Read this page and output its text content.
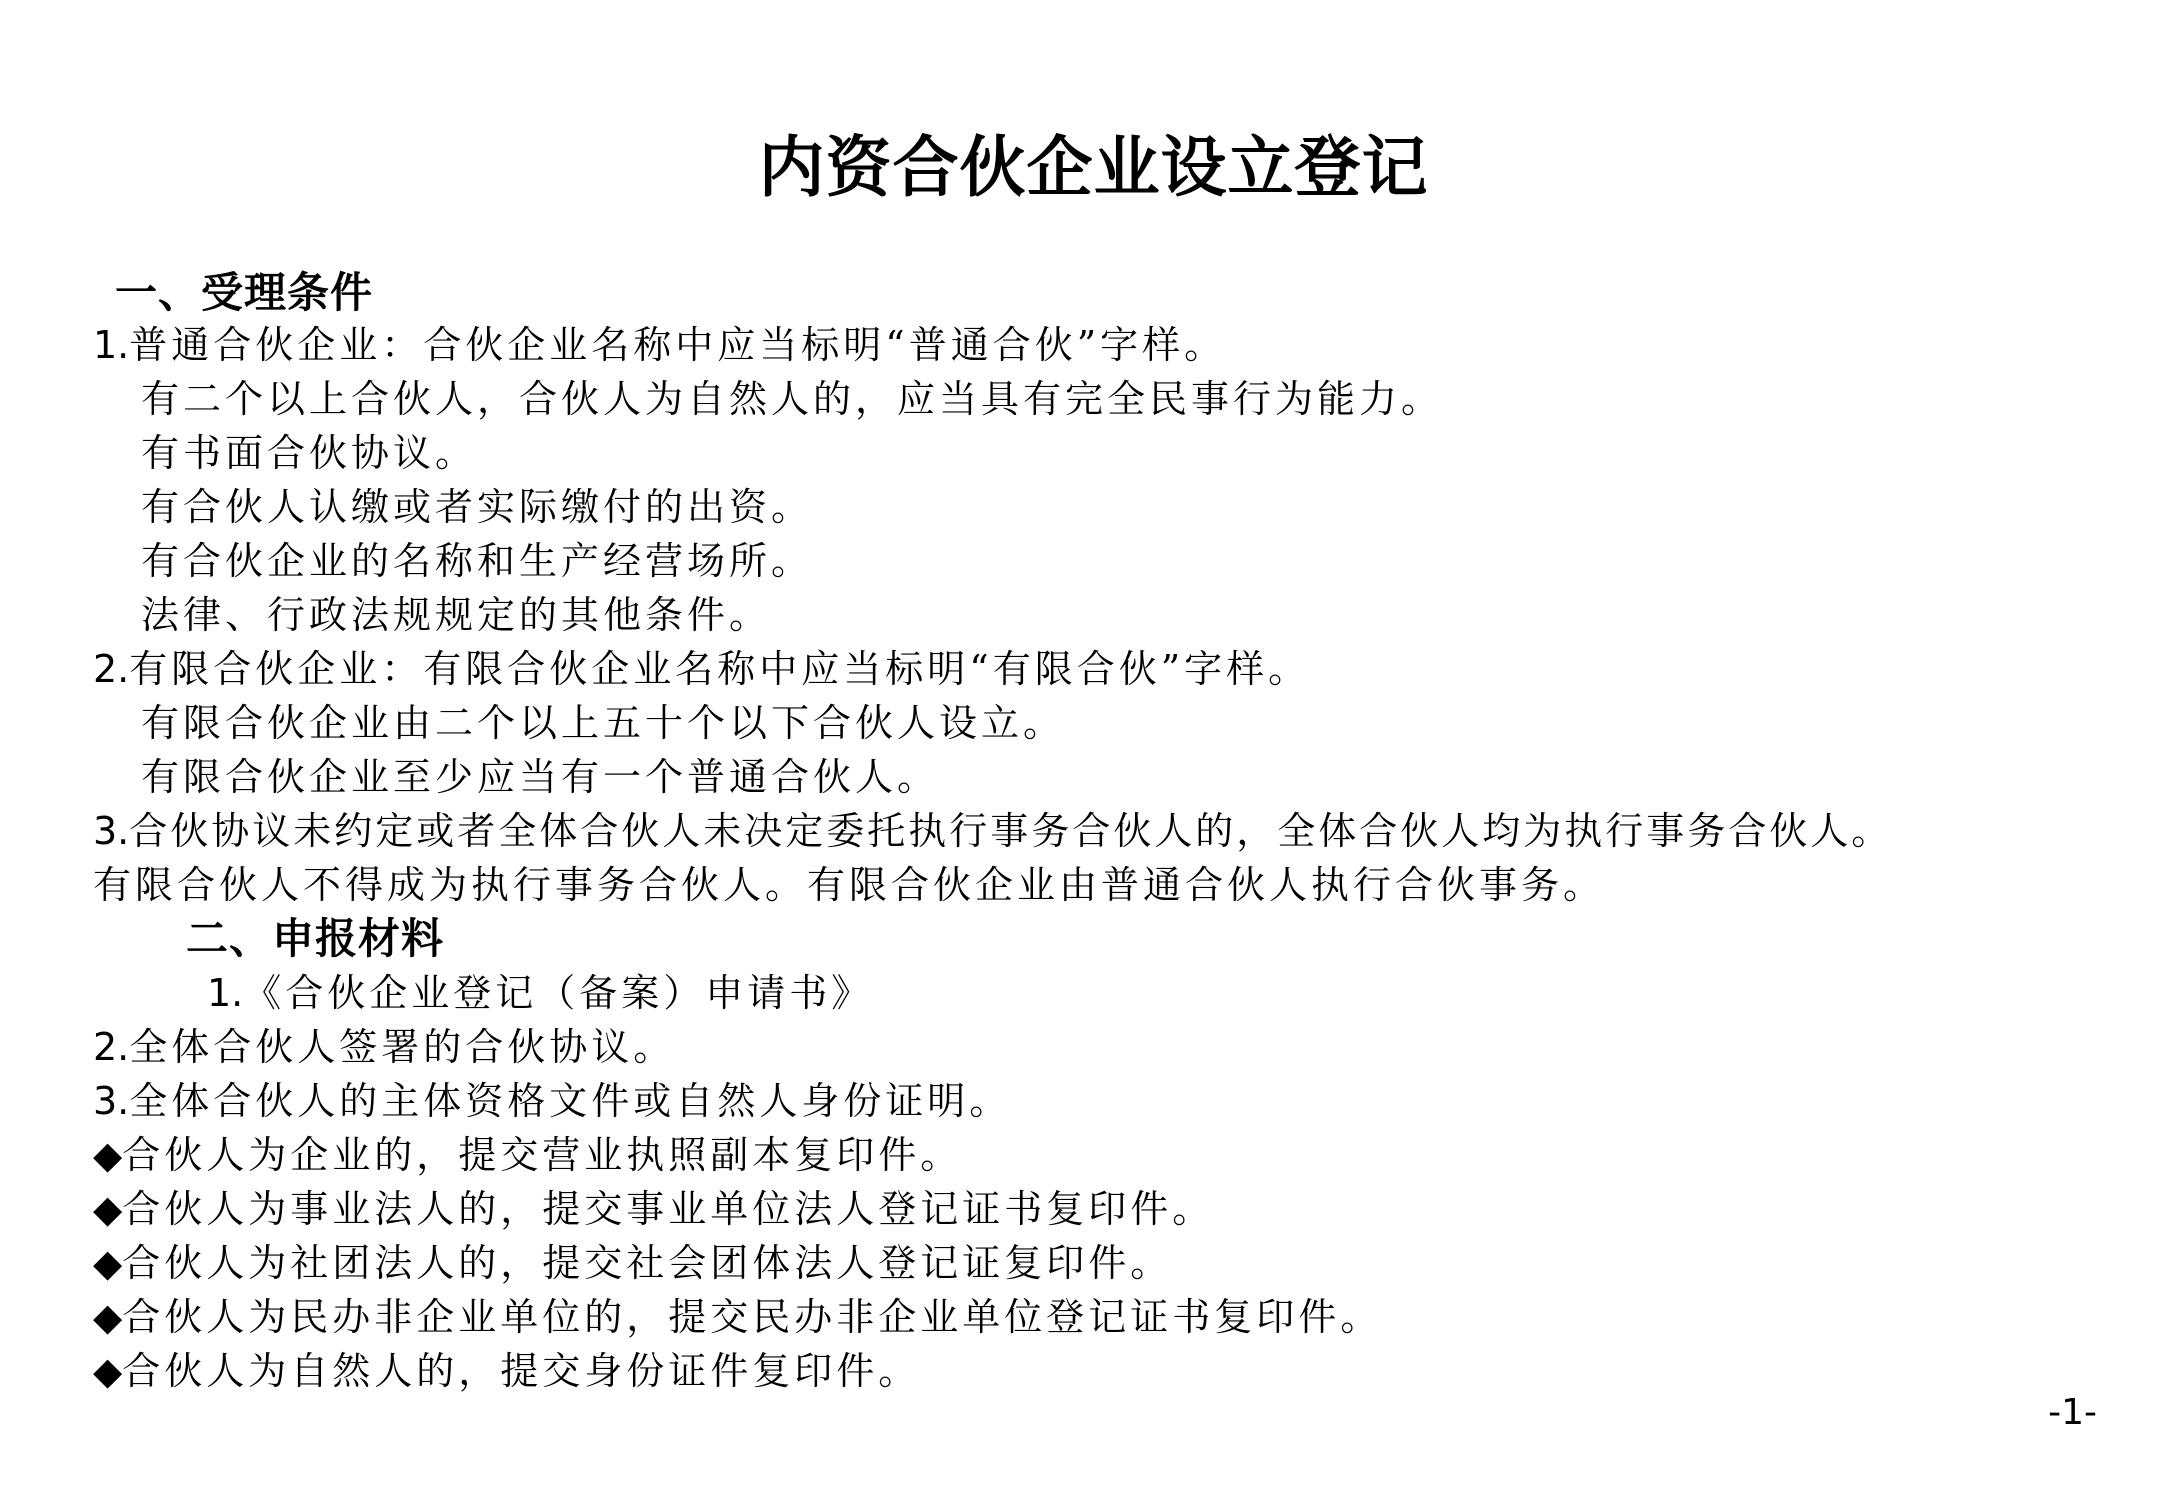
内资合伙企业设立登记
一、受理条件
1.普通合伙企业：合伙企业名称中应当标明“普通合伙”字样。
有二个以上合伙人，合伙人为自然人的，应当具有完全民事行为能力。
有书面合伙协议。
有合伙人认缴或者实际缴付的出资。
有合伙企业的名称和生产经营场所。
法律、行政法规规定的其他条件。
2.有限合伙企业：有限合伙企业名称中应当标明“有限合伙”字样。
有限合伙企业由二个以上五十个以下合伙人设立。
有限合伙企业至少应当有一个普通合伙人。
3.合伙协议未约定或者全体合伙人未决定委托执行事务合伙人的，全体合伙人均为执行事务合伙人。
有限合伙人不得成为执行事务合伙人。有限合伙企业由普通合伙人执行合伙事务。
二、申报材料
1.《合伙企业登记（备案）申请书》
2.全体合伙人签署的合伙协议。
3.全体合伙人的主体资格文件或自然人身份证明。
◆合伙人为企业的，提交营业执照副本复印件。
◆合伙人为事业法人的，提交事业单位法人登记证书复印件。
◆合伙人为社团法人的，提交社会团体法人登记证复印件。
◆合伙人为民办非企业单位的，提交民办非企业单位登记证书复印件。
◆合伙人为自然人的，提交身份证件复印件。
-1-
